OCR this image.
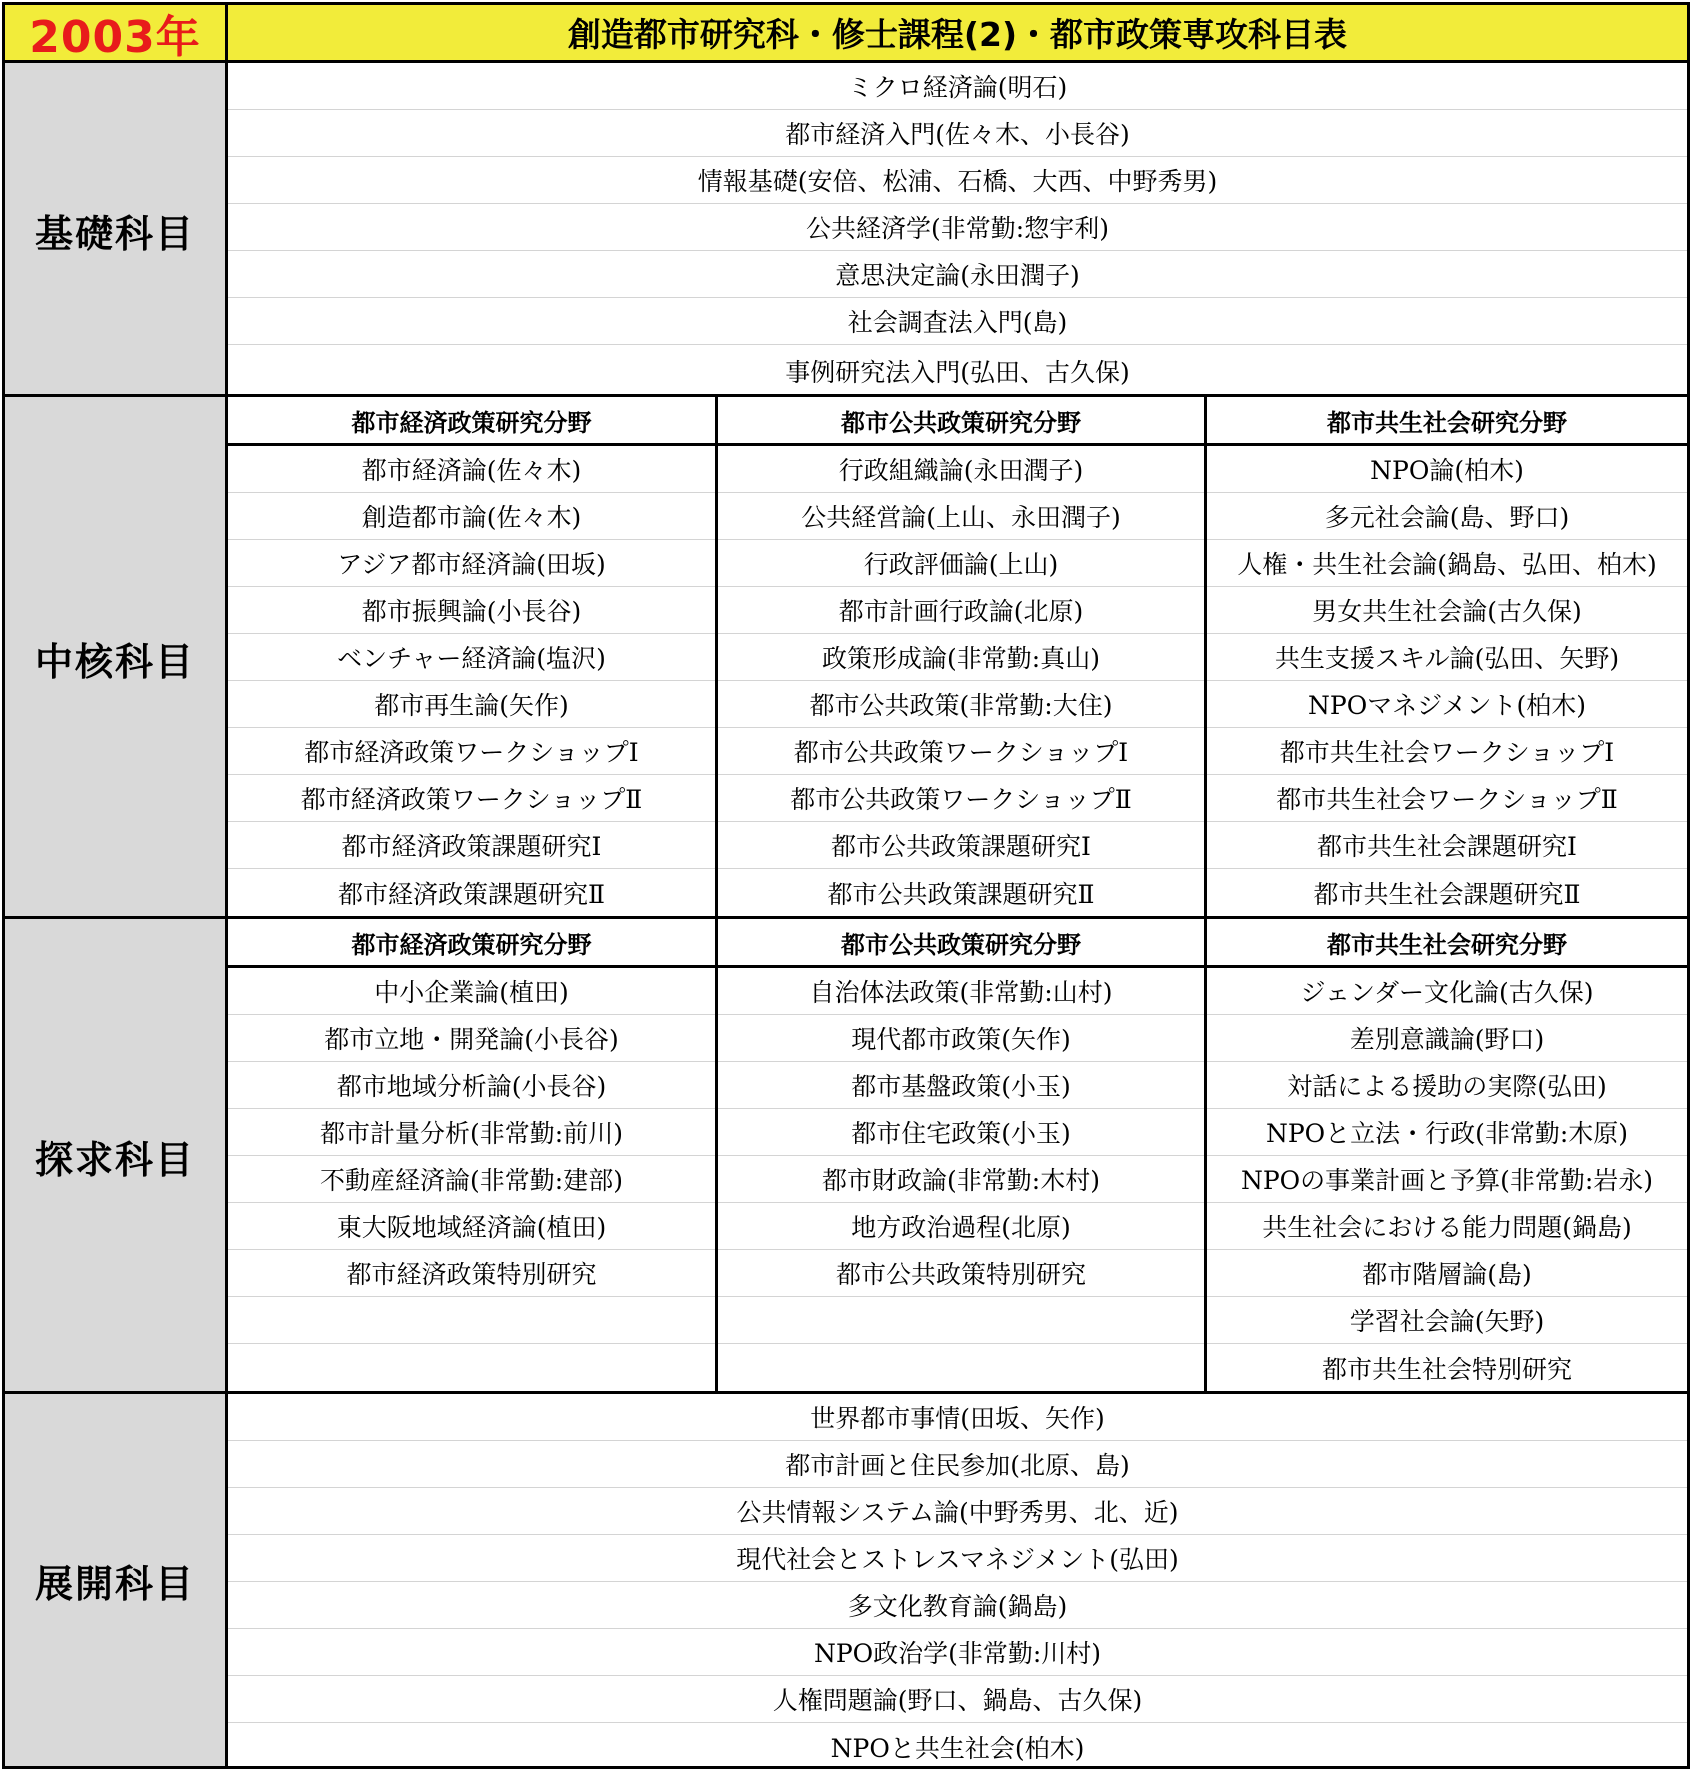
2003年	創造都市研究科・修士課程(2)・都市政策専攻科目表
基礎科目
ミクロ経済論(明石)
都市経済入門(佐々木、小長谷)
情報基礎(安倍、松浦、石橋、大西、中野秀男)
公共経済学(非常勤:惣宇利)
意思決定論(永田潤子)
社会調査法入門(島)
事例研究法入門(弘田、古久保)
中核科目
都市経済政策研究分野
都市経済論(佐々木)
創造都市論(佐々木)
アジア都市経済論(田坂)
都市振興論(小長谷)
ベンチャー経済論(塩沢)
都市再生論(矢作)
都市経済政策ワークショップⅠ
都市経済政策ワークショップⅡ
都市経済政策課題研究Ⅰ
都市経済政策課題研究Ⅱ
都市公共政策研究分野
行政組織論(永田潤子)
公共経営論(上山、永田潤子)
行政評価論(上山)
都市計画行政論(北原)
政策形成論(非常勤:真山)
都市公共政策(非常勤:大住)
都市公共政策ワークショップⅠ
都市公共政策ワークショップⅡ
都市公共政策課題研究Ⅰ
都市公共政策課題研究Ⅱ
都市共生社会研究分野
NPO論(柏木)
多元社会論(島、野口)
人権・共生社会論(鍋島、弘田、柏木)
男女共生社会論(古久保)
共生支援スキル論(弘田、矢野)
NPOマネジメント(柏木)
都市共生社会ワークショップⅠ
都市共生社会ワークショップⅡ
都市共生社会課題研究Ⅰ
都市共生社会課題研究Ⅱ
探求科目
都市経済政策研究分野
中小企業論(植田)
都市立地・開発論(小長谷)
都市地域分析論(小長谷)
都市計量分析(非常勤:前川)
不動産経済論(非常勤:建部)
東大阪地域経済論(植田)
都市経済政策特別研究
都市公共政策研究分野
自治体法政策(非常勤:山村)
現代都市政策(矢作)
都市基盤政策(小玉)
都市住宅政策(小玉)
都市財政論(非常勤:木村)
地方政治過程(北原)
都市公共政策特別研究
都市共生社会研究分野
ジェンダー文化論(古久保)
差別意識論(野口)
対話による援助の実際(弘田)
NPOと立法・行政(非常勤:木原)
NPOの事業計画と予算(非常勤:岩永)
共生社会における能力問題(鍋島)
都市階層論(島)
学習社会論(矢野)
都市共生社会特別研究
展開科目
世界都市事情(田坂、矢作)
都市計画と住民参加(北原、島)
公共情報システム論(中野秀男、北、近)
現代社会とストレスマネジメント(弘田)
多文化教育論(鍋島)
NPO政治学(非常勤:川村)
人権問題論(野口、鍋島、古久保)
NPOと共生社会(柏木)
